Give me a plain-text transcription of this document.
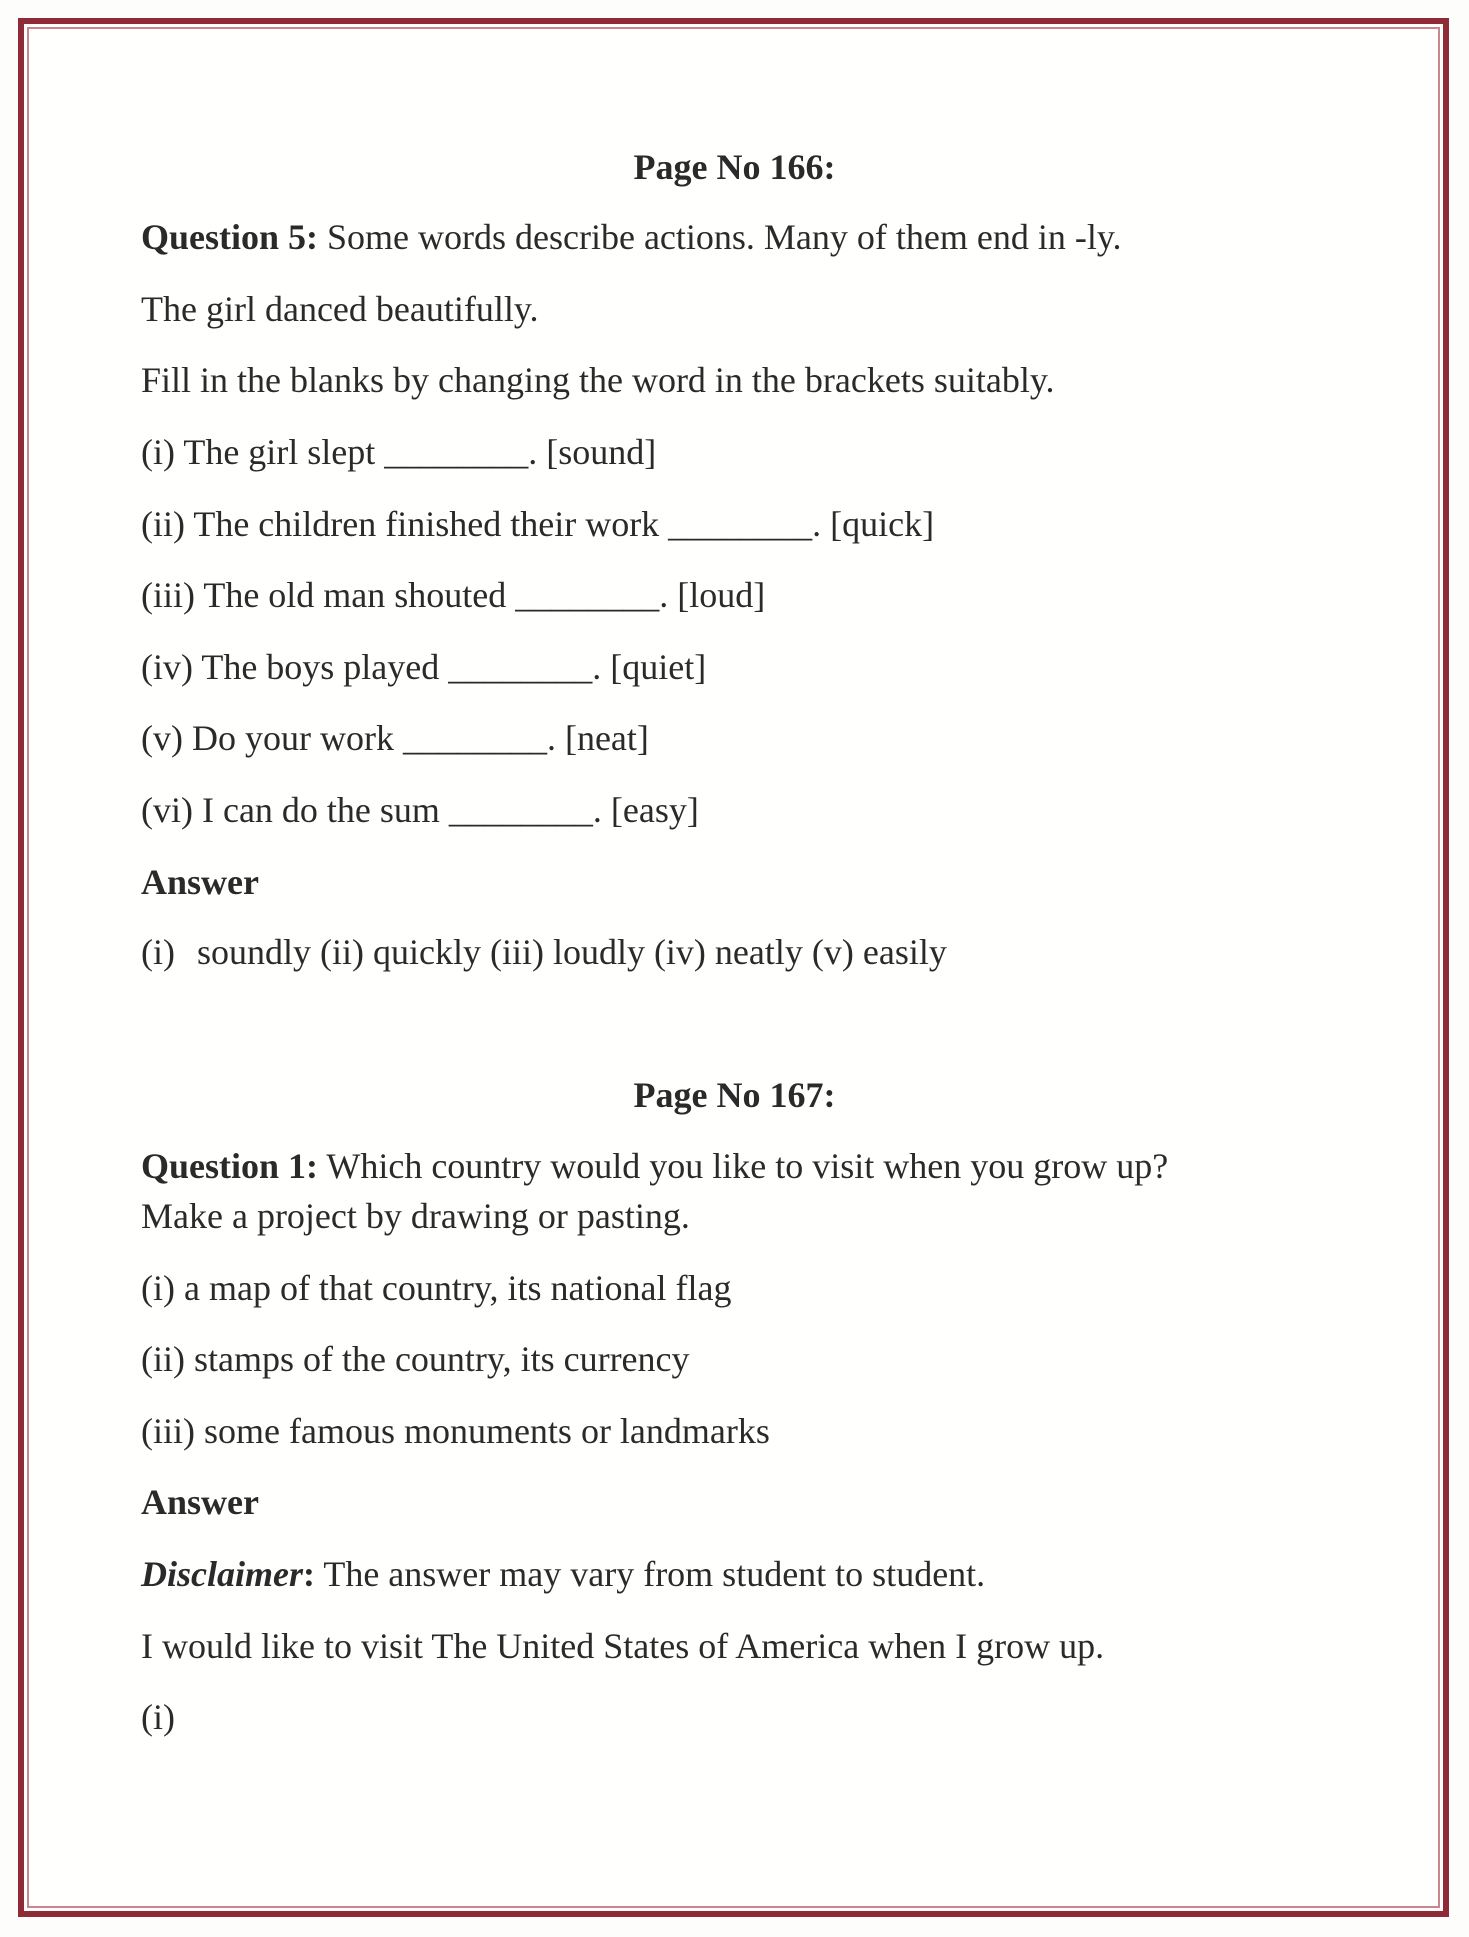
Page No 166:
Question 5: Some words describe actions. Many of them end in -ly.
The girl danced beautifully.
Fill in the blanks by changing the word in the brackets suitably.
(i) The girl slept ________. [sound]
(ii) The children finished their work ________. [quick]
(iii) The old man shouted ________. [loud]
(iv) The boys played ________. [quiet]
(v) Do your work ________. [neat]
(vi) I can do the sum ________. [easy]
Answer
(i) soundly (ii) quickly (iii) loudly (iv) neatly (v) easily
Page No 167:
Question 1: Which country would you like to visit when you grow up?
Make a project by drawing or pasting.
(i) a map of that country, its national flag
(ii) stamps of the country, its currency
(iii) some famous monuments or landmarks
Answer
Disclaimer: The answer may vary from student to student.
I would like to visit The United States of America when I grow up.
(i)
